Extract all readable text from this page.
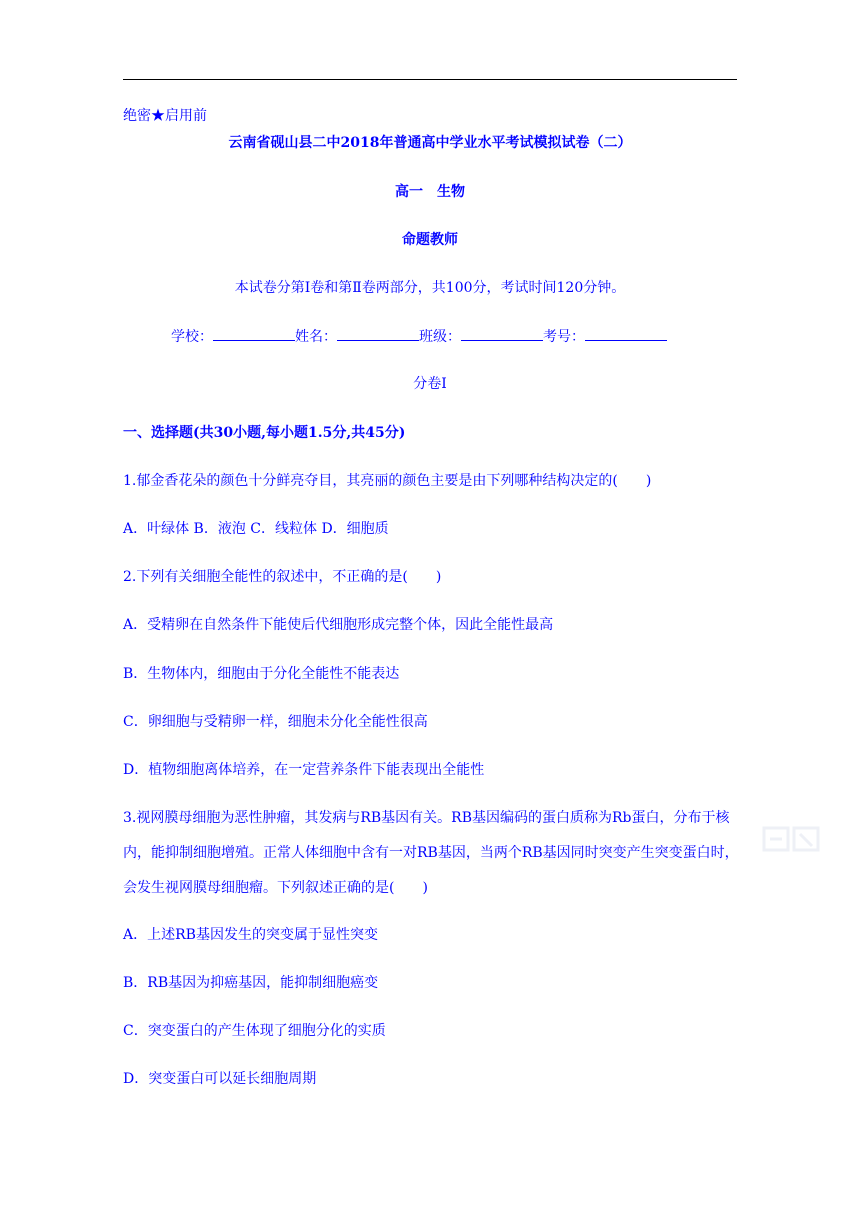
绝密★启用前
云南省砚山县二中2018年普通高中学业水平考试模拟试卷（二）
高一　生物
命题教师
本试卷分第Ⅰ卷和第Ⅱ卷两部分，共100分，考试时间120分钟。
学校：	姓名：	班级：	考号：
分卷I
一、选择题(共30小题,每小题1.5分,共45分)
1.郁金香花朵的颜色十分鲜亮夺目，其亮丽的颜色主要是由下列哪种结构决定的(　　)
A．叶绿体 B．液泡 C．线粒体 D．细胞质
2.下列有关细胞全能性的叙述中，不正确的是(　　)
A．受精卵在自然条件下能使后代细胞形成完整个体，因此全能性最高
B．生物体内，细胞由于分化全能性不能表达
C．卵细胞与受精卵一样，细胞未分化全能性很高
D．植物细胞离体培养，在一定营养条件下能表现出全能性
3.视网膜母细胞为恶性肿瘤，其发病与RB基因有关。RB基因编码的蛋白质称为Rb蛋白，分布于核内，能抑制细胞增殖。正常人体细胞中含有一对RB基因，当两个RB基因同时突变产生突变蛋白时，会发生视网膜母细胞瘤。下列叙述正确的是(　　)
A．上述RB基因发生的突变属于显性突变
B．RB基因为抑癌基因，能抑制细胞癌变
C．突变蛋白的产生体现了细胞分化的实质
D．突变蛋白可以延长细胞周期
